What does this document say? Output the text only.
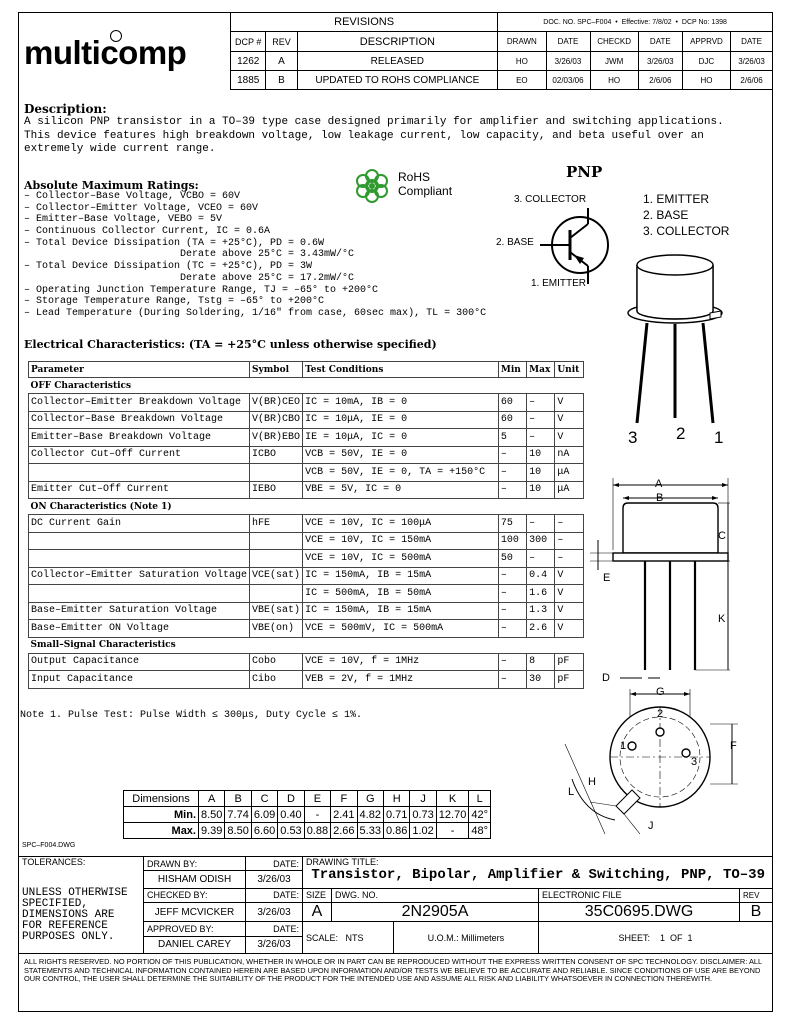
multicomp
REVISIONS			DOC. NO. SPC–F004  •  Effective: 7/8/02  •  DCP No: 1398					
DCP #	REV	DESCRIPTION	DRAWN	DATE	CHECKD	DATE	APPRVD	DATE
1262	A	RELEASED	HO	3/26/03	JWM	3/26/03	DJC	3/26/03
1885	B	UPDATED TO ROHS COMPLIANCE	EO	02/03/06	HO	2/6/06	HO	2/6/06
Description:
A silicon PNP transistor in a TO–39 type case designed primarily for amplifier and switching applications. This device features high breakdown voltage, low leakage current, low capacity, and beta useful over an extremely wide current range.
RoHS
Compliant
Absolute Maximum Ratings:
– Collector–Base Voltage, VCBO = 60V
– Collector–Emitter Voltage, VCEO = 60V
– Emitter–Base Voltage, VEBO = 5V
– Continuous Collector Current, IC = 0.6A
– Total Device Dissipation (TA = +25°C), PD = 0.6W
Derate above 25°C = 3.43mW/°C
– Total Device Dissipation (TC = +25°C), PD = 3W
Derate above 25°C = 17.2mW/°C
– Operating Junction Temperature Range, TJ = –65° to +200°C
– Storage Temperature Range, Tstg = –65° to +200°C
– Lead Temperature (During Soldering, 1/16" from case, 60sec max), TL = 300°C
PNP
3. COLLECTOR
2. BASE
1. EMITTER
1. EMITTER
2. BASE
3. COLLECTOR
3 2 1
Electrical Characteristics: (TA = +25°C unless otherwise specified)
Parameter	Symbol	Test Conditions	Min	Max	Unit
OFF Characteristics					
Collector–Emitter Breakdown Voltage	V(BR)CEO	IC = 10mA, IB = 0	60	–	V
Collector–Base Breakdown Voltage	V(BR)CBO	IC = 10μA, IE = 0	60	–	V
Emitter–Base Breakdown Voltage	V(BR)EBO	IE = 10μA, IC = 0	5	–	V
Collector Cut–Off Current	ICBO	VCB = 50V, IE = 0	–	10	nA
		VCB = 50V, IE = 0, TA = +150°C	–	10	μA
Emitter Cut–Off Current	IEBO	VBE = 5V, IC = 0	–	10	μA
ON Characteristics (Note 1)					
DC Current Gain	hFE	VCE = 10V, IC = 100μA	75	–	–
		VCE = 10V, IC = 150mA	100	300	–
		VCE = 10V, IC = 500mA	50	–	–
Collector–Emitter Saturation Voltage	VCE(sat)	IC = 150mA, IB = 15mA	–	0.4	V
		IC = 500mA, IB = 50mA	–	1.6	V
Base–Emitter Saturation Voltage	VBE(sat)	IC = 150mA, IB = 15mA	–	1.3	V
Base–Emitter ON Voltage	VBE(on)	VCE = 500mV, IC = 500mA	–	2.6	V
Small–Signal Characteristics					
Output Capacitance	Cobo	VCE = 10V, f = 1MHz	–	8	pF
Input Capacitance	Cibo	VEB = 2V, f = 1MHz	–	30	pF
Note 1. Pulse Test: Pulse Width ≤ 300μs, Duty Cycle ≤ 1%.
A
B
C
E
K
D
G
F
H
L
J
1
2
3
Dimensions	A	B	C	D	E	F	G	H	J	K	L
Min.	8.50	7.74	6.09	0.40	-	2.41	4.82	0.71	0.73	12.70	42°
Max.	9.39	8.50	6.60	0.53	0.88	2.66	5.33	0.86	1.02	-	48°
SPC–F004.DWG
TOLERANCES:	DRAWN BY:	DATE:	DRAWING TITLE:
Transistor, Bipolar, Amplifier & Switching, PNP, TO–39				

	HISHAM ODISH	3/26/03					
UNLESS OTHERWISE SPECIFIED, DIMENSIONS ARE FOR REFERENCE PURPOSES ONLY.	CHECKED BY:	DATE:	SIZE	DWG. NO.		ELECTRONIC FILE	REV
	JEFF MCVICKER	3/26/03	A	2N2905A		35C0695.DWG	B
	APPROVED BY:	DATE:	SCALE: NTS		U.O.M.: Millimeters	SHEET: 1 OF 1	
	DANIEL CAREY	3/26/03					
ALL RIGHTS RESERVED. NO PORTION OF THIS PUBLICATION, WHETHER IN WHOLE OR IN PART CAN BE REPRODUCED WITHOUT THE EXPRESS WRITTEN CONSENT OF SPC TECHNOLOGY. DISCLAIMER: ALL STATEMENTS AND TECHNICAL INFORMATION CONTAINED HEREIN ARE BASED UPON INFORMATION AND/OR TESTS WE BELIEVE TO BE ACCURATE AND RELIABLE. SINCE CONDITIONS OF USE ARE BEYOND OUR CONTROL, THE USER SHALL DETERMINE THE SUITABILITY OF THE PRODUCT FOR THE INTENDED USE AND ASSUME ALL RISK AND LIABILITY WHATSOEVER IN CONNECTION THEREWITH.
